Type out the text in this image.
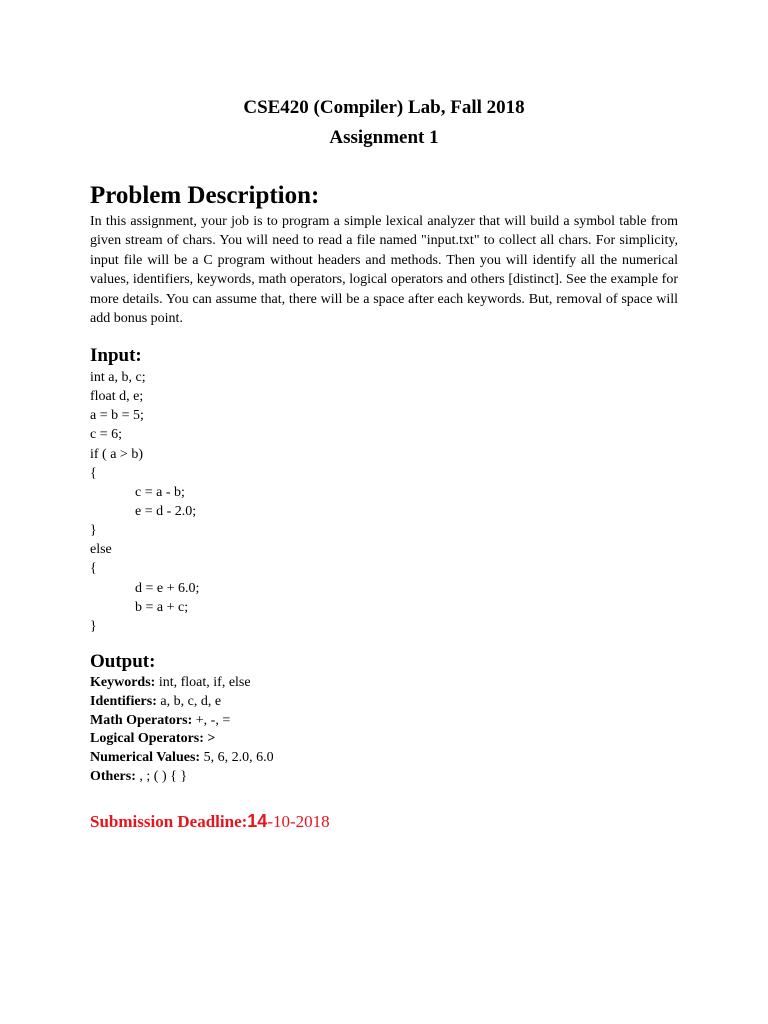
CSE420 (Compiler) Lab, Fall 2018
Assignment 1
Problem Description:
In this assignment, your job is to program a simple lexical analyzer that will build a symbol table from given stream of chars. You will need to read a file named "input.txt" to collect all chars. For simplicity, input file will be a C program without headers and methods. Then you will identify all the numerical values, identifiers, keywords, math operators, logical operators and others [distinct]. See the example for more details. You can assume that, there will be a space after each keywords. But, removal of space will add bonus point.
Input:
int a, b, c;
float d, e;
a = b = 5;
c = 6;
if ( a > b)
{
c = a - b;
e = d - 2.0;
}
else
{
d = e + 6.0;
b = a + c;
}
Output:
Keywords: int, float, if, else
Identifiers: a, b, c, d, e
Math Operators: +, -, =
Logical Operators: >
Numerical Values: 5, 6, 2.0, 6.0
Others: , ; ( ) { }
Submission Deadline:14-10-2018
